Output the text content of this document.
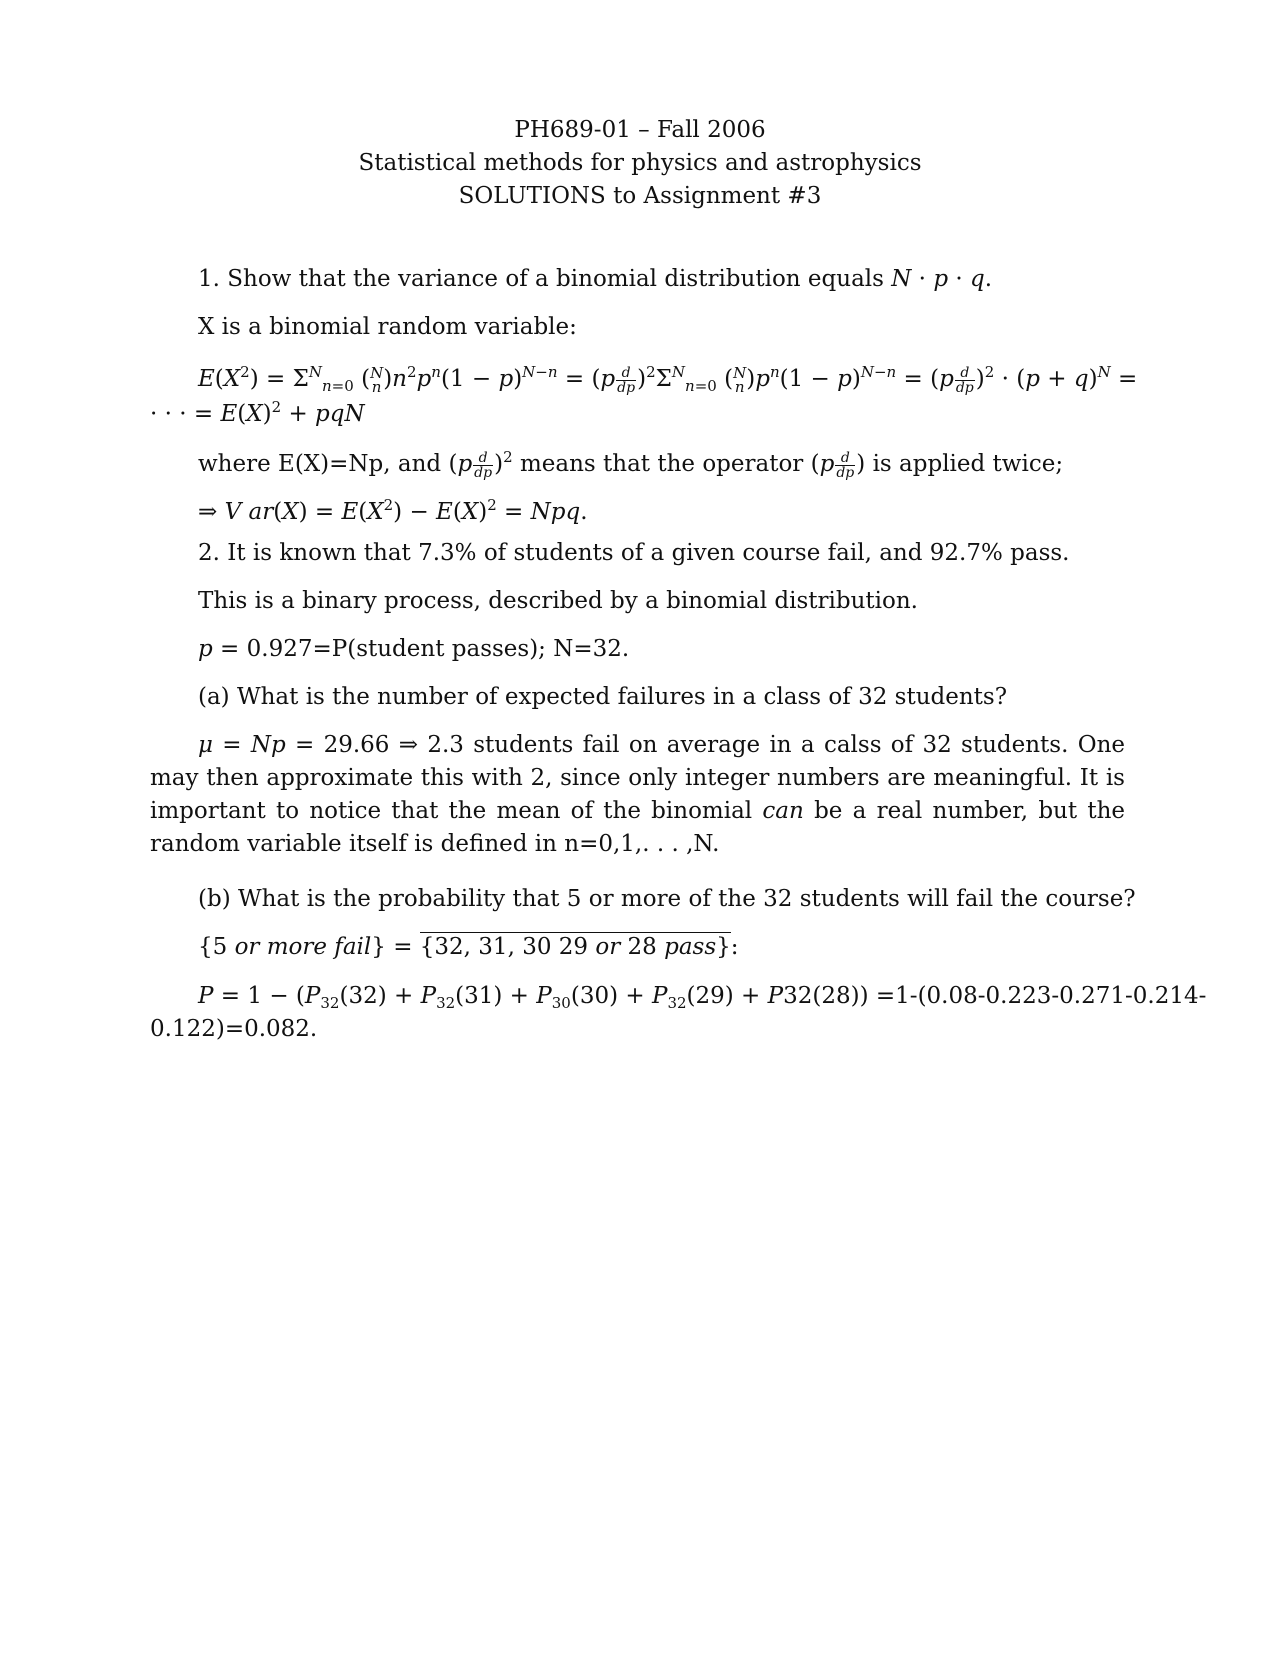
PH689-01 – Fall 2006
Statistical methods for physics and astrophysics
SOLUTIONS to Assignment #3
1. Show that the variance of a binomial distribution equals N · p · q.
X is a binomial random variable:
$E(X^2) = \Sigma^N_{n=0}$ ( N
n )$n^2p^n(1 - p)^{N-n} = (p \frac{d}{dp} )^2\Sigma^N_{n=0}$ ( N
n )$p^n(1 - p)^{N-n} = (p \frac{d}{dp} )^2 \cdot (p + q)^N$ =
· · · = $E(X)^2$ + pqN
where E(X)=Np, and $(p \frac{d}{dp} )^2$ means that the operator ($p \frac{d}{dp}$ ) is applied twice;
⇒ V $ar(X) = E(X^2) - E(X)^2$ = Npq.
2. It is known that 7.3% of students of a given course fail, and 92.7% pass.
This is a binary process, described by a binomial distribution.
p = 0.927=P(student passes); N=32.
(a) What is the number of expected failures in a class of 32 students?
μ = Np = 29.66 ⇒ 2.3 students fail on average in a calss of 32 students. One may then approximate this with 2, since only integer numbers are meaningful. It is important to notice that the mean of the binomial can be a real number, but the random variable itself is defined in n=0,1,. . . ,N.
(b) What is the probability that 5 or more of the 32 students will fail the course?
{5 or more fail} = {32, 31, 30 29 or 28 pass}:
$P = 1 - (P_{32}(32) + P_{32}(31) + P_{30}(30) + P_{32}(29) + P32(28)) =1-(0.08-0.223-0.271-0.214-$
0.122)=0.082.
